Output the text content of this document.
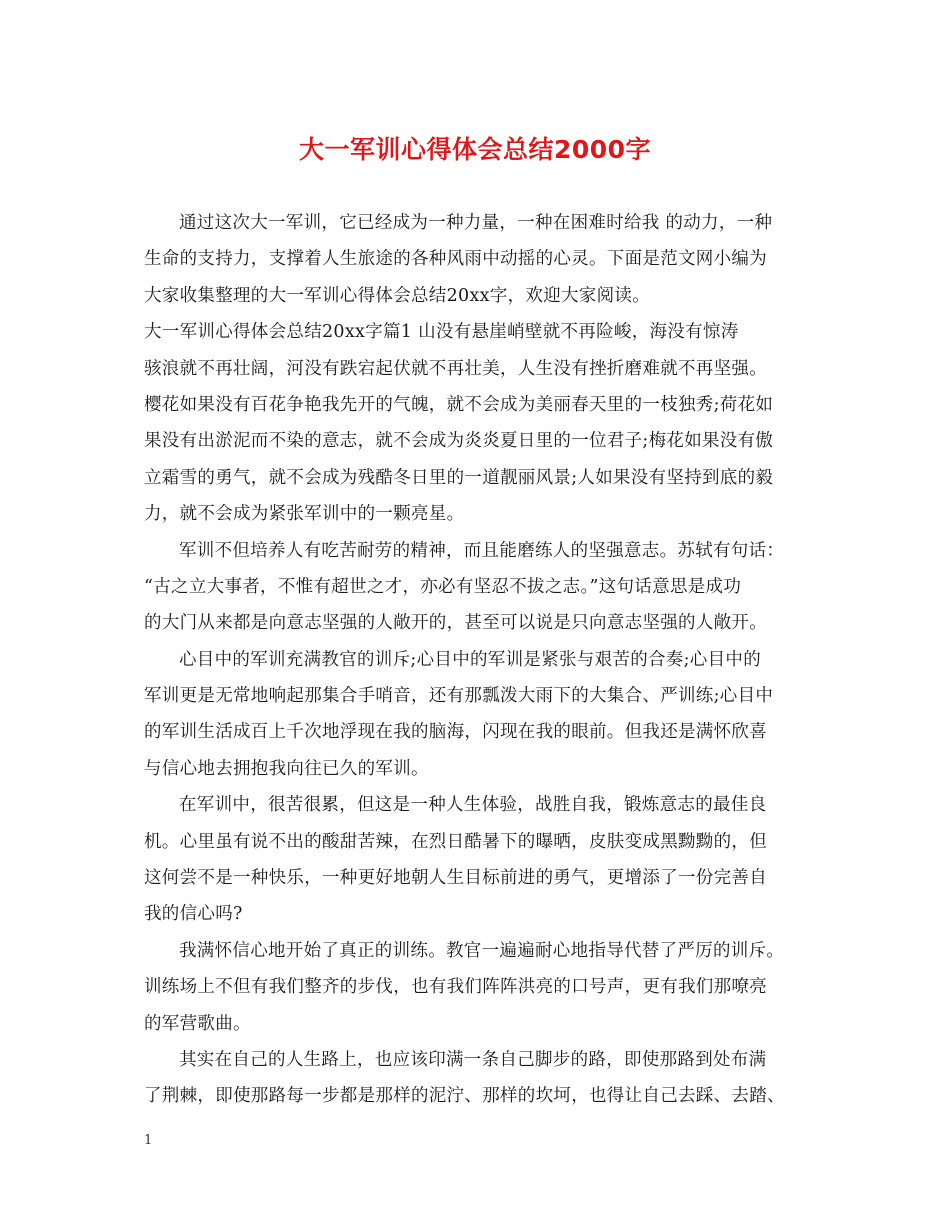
大一军训心得体会总结2000字
通过这次大一军训，它已经成为一种力量，一种在困难时给我 的动力，一种
生命的支持力，支撑着人生旅途的各种风雨中动摇的心灵。下面是范文网小编为
大家收集整理的大一军训心得体会总结20xx字，欢迎大家阅读。
大一军训心得体会总结20xx字篇1 山没有悬崖峭壁就不再险峻，海没有惊涛
骇浪就不再壮阔，河没有跌宕起伏就不再壮美，人生没有挫折磨难就不再坚强。
樱花如果没有百花争艳我先开的气魄，就不会成为美丽春天里的一枝独秀;荷花如
果没有出淤泥而不染的意志，就不会成为炎炎夏日里的一位君子;梅花如果没有傲
立霜雪的勇气，就不会成为残酷冬日里的一道靓丽风景;人如果没有坚持到底的毅
力，就不会成为紧张军训中的一颗亮星。
军训不但培养人有吃苦耐劳的精神，而且能磨练人的坚强意志。苏轼有句话：
“古之立大事者，不惟有超世之才，亦必有坚忍不拔之志。”这句话意思是成功
的大门从来都是向意志坚强的人敞开的，甚至可以说是只向意志坚强的人敞开。
心目中的军训充满教官的训斥;心目中的军训是紧张与艰苦的合奏;心目中的
军训更是无常地响起那集合手哨音，还有那瓢泼大雨下的大集合、严训练;心目中
的军训生活成百上千次地浮现在我的脑海，闪现在我的眼前。但我还是满怀欣喜
与信心地去拥抱我向往已久的军训。
在军训中，很苦很累，但这是一种人生体验，战胜自我，锻炼意志的最佳良
机。心里虽有说不出的酸甜苦辣，在烈日酷暑下的曝晒，皮肤变成黑黝黝的，但
这何尝不是一种快乐，一种更好地朝人生目标前进的勇气，更增添了一份完善自
我的信心吗?
我满怀信心地开始了真正的训练。教官一遍遍耐心地指导代替了严厉的训斥。
训练场上不但有我们整齐的步伐，也有我们阵阵洪亮的口号声，更有我们那嘹亮
的军营歌曲。
其实在自己的人生路上，也应该印满一条自己脚步的路，即使那路到处布满
了荆棘，即使那路每一步都是那样的泥泞、那样的坎坷，也得让自己去踩、去踏、
1
